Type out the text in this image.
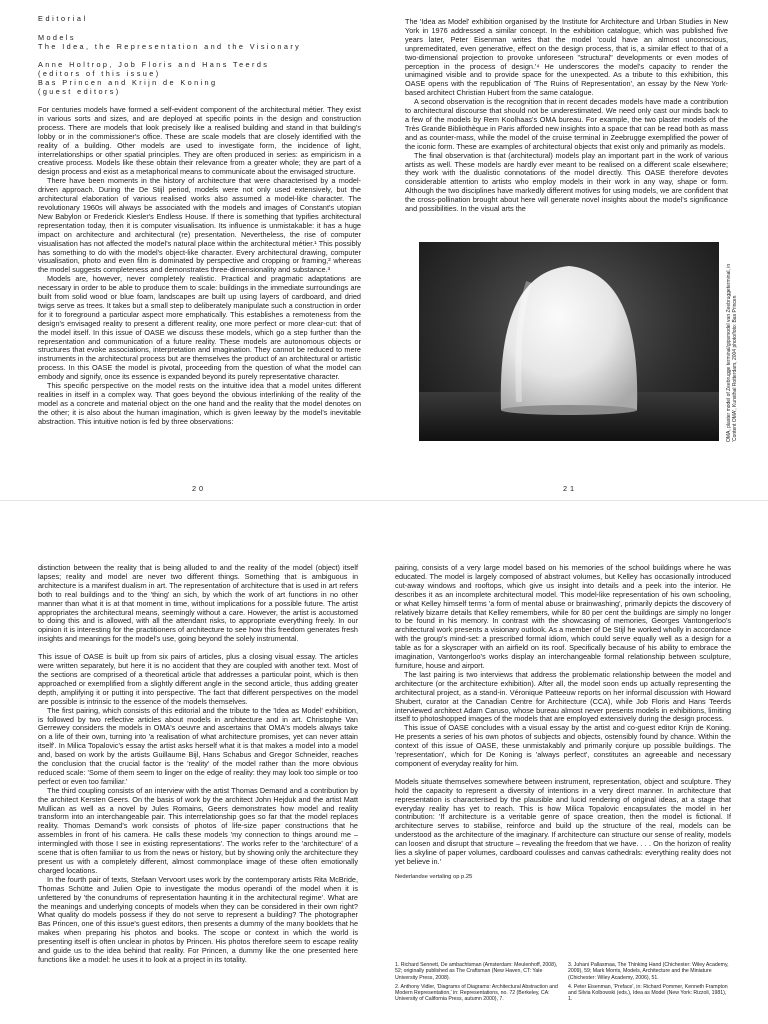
Editorial
Models
The Idea, the Representation and the Visionary
Anne Holtrop, Job Floris and Hans Teerds
(editors of this issue)
Bas Princen and Krijn de Koning
(guest editors)
For centuries models have formed a self-evident component of the architectural métier. They exist in various sorts and sizes, and are deployed at specific points in the design and construction process. There are models that look precisely like a realised building and stand in that building's lobby or in the commissioner's office. These are scale models that are closely identified with the reality of a building. Other models are used to investigate form, the incidence of light, interrelationships or other spatial principles. They are often produced in series: as empiricism in a creative process. Models like these obtain their relevance from a greater whole; they are part of a design process and exist as a metaphorical means to communicate about the envisaged structure.
There have been moments in the history of architecture that were characterised by a model-driven approach. During the De Stijl period, models were not only used extensively, but the architectural elaboration of various realised works also assumed a model-like character. The revolutionary 1960s will always be associated with the models and images of Constant's utopian New Babylon or Frederick Kiesler's Endless House. If there is something that typifies architectural representation today, then it is computer visualisation. Its influence is unmistakable: it has a huge impact on architecture and architectural (re) presentation. Nevertheless, the rise of computer visualisation has not affected the model's natural place within the architectural métier.¹ This possibly has something to do with the model's object-like character. Every architectural drawing, computer visualisation, photo and even film is dominated by perspective and cropping or framing,² whereas the model suggests completeness and demonstrates three-dimensionality and substance.³
Models are, however, never completely realistic. Practical and pragmatic adaptations are necessary in order to be able to produce them to scale: buildings in the immediate surroundings are built from solid wood or blue foam, landscapes are built up using layers of cardboard, and dried twigs serve as trees. It takes but a small step to deliberately manipulate such a construction in order for it to foreground a particular aspect more emphatically. This establishes a remoteness from the design's envisaged reality to present a different reality, one more perfect or more clear-cut: that of the model itself. In this issue of OASE we discuss these models, which go a step further than the representation and communication of a future reality. These models are autonomous objects or structures that evoke associations, interpretation and imagination. They cannot be reduced to mere instruments in the architectural process but are themselves the product of an architectural or artistic process. In this OASE the model is pivotal, proceeding from the question of what the model can embody and signify, once its essence is expanded beyond its purely representative character.
This specific perspective on the model rests on the intuitive idea that a model unites different realities in itself in a complex way. That goes beyond the obvious interlinking of the reality of the model as a concrete and material object on the one hand and the reality that the model denotes on the other; it is also about the human imagination, which is given leeway by the model's inevitable abstraction. This intuitive notion is fed by three observations:
20
The 'Idea as Model' exhibition organised by the Institute for Architecture and Urban Studies in New York in 1976 addressed a similar concept. In the exhibition catalogue, which was published five years later, Peter Eisenman writes that the model 'could have an almost unconscious, unpremeditated, even generative, effect on the design process, that is, a similar effect to that of a two-dimensional projection to provoke unforeseen "structural" developments or even modes of perception in the process of design.'⁴ He underscores the model's capacity to render the unimagined visible and to provide space for the unexpected. As a tribute to this exhibition, this OASE opens with the republication of 'The Ruins of Representation', an essay by the New York-based architect Christian Hubert from the same catalogue.
A second observation is the recognition that in recent decades models have made a contribution to architectural discourse that should not be underestimated. We need only cast our minds back to a few of the models by Rem Koolhaas's OMA bureau. For example, the two plaster models of the Très Grande Bibliothèque in Paris afforded new insights into a space that can be read both as mass and as counter-mass, while the model of the cruise terminal in Zeebrugge exemplified the power of the iconic form. These are examples of architectural objects that exist only and primarily as models.
The final observation is that (architectural) models play an important part in the work of various artists as well. These models are hardly ever meant to be realised on a different scale elsewhere; they work with the dualistic connotations of the model directly. This OASE therefore devotes considerable attention to artists who employ models in their work in any way, shape or form. Although the two disciplines have markedly different motives for using models, we are confident that the cross-pollination brought about here will generate novel insights about the model's significance and possibilities. In the visual arts the
OMA, plaster model of Zeebrugge terminal/gipsmodel van Zeebruggeterminal, in 'Content OMA', Kunsthal Rotterdam, 2004 photo/foto: Bas Princen
21
distinction between the reality that is being alluded to and the reality of the model (object) itself lapses; reality and model are never two different things. Something that is ambiguous in architecture is a manifest dualism in art. The representation of architecture that is used in art refers both to real buildings and to the 'thing' an sich, by which the work of art functions in no other manner than what it is at that moment in time, without implications for a possible future. The artist appropriates the architectural means, seemingly without a care. However, the artist is accustomed to doing this and is allowed, with all the attendant risks, to appropriate everything freely. In our opinion it is interesting for the practitioners of architecture to see how this freedom generates fresh insights and meanings for the model's use, going beyond the solely instrumental.
This issue of OASE is built up from six pairs of articles, plus a closing visual essay. The articles were written separately, but here it is no accident that they are coupled with another text. Most of the sections are comprised of a theoretical article that addresses a particular point, which is then approached or exemplified from a slightly different angle in the second article, thus adding greater depth, amplifying it or putting it into perspective. The fact that different perspectives on the model are possible is intrinsic to the essence of the models themselves.
The first pairing, which consists of this editorial and the tribute to the 'Idea as Model' exhibition, is followed by two reflective articles about models in architecture and in art. Christophe Van Gerrewey considers the models in OMA's oeuvre and ascertains that OMA's models always take on a life of their own, turning into 'a realisation of what architecture promises, yet can never attain itself'. In Milica Topalovic's essay the artist asks herself what it is that makes a model into a model and, based on work by the artists Guillaume Bijl, Hans Schabus and Gregor Schneider, reaches the conclusion that the crucial factor is the 'reality' of the model rather than the more obvious reduced scale: 'Some of them seem to linger on the edge of reality: they may look too simple or too perfect or even too familiar.'
The third coupling consists of an interview with the artist Thomas Demand and a contribution by the architect Kersten Geers. On the basis of work by the architect John Hejduk and the artist Matt Mullican as well as a novel by Jules Romains, Geers demonstrates how model and reality transform into an interchangeable pair. This interrelationship goes so far that the model replaces reality. Thomas Demand's work consists of photos of life-size paper constructions that he assembles in front of his camera. He calls these models 'my connection to things around me – intermingled with those I see in existing representations'. The works refer to the 'architecture' of a scene that is often familiar to us from the news or history, but by showing only the architecture they present us with a completely different, almost commonplace image of these often emotionally charged locations.
In the fourth pair of texts, Stefaan Vervoort uses work by the contemporary artists Rita McBride, Thomas Schütte and Julien Opie to investigate the modus operandi of the model when it is unfettered by 'the conundrums of representation haunting it in the architectural regime'. What are the meanings and underlying concepts of models when they can be considered in their own right? What quality do models possess if they do not serve to represent a building? The photographer Bas Princen, one of this issue's guest editors, then presents a dummy of the many booklets that he makes when preparing his photos and books. The scope or context in which the world is presenting itself is often unclear in photos by Princen. His photos therefore seem to escape reality and guide us to the idea behind that reality. For Princen, a dummy like the one presented here functions like a model: he uses it to look at a project in its totality.
pairing, consists of a very large model based on his memories of the school buildings where he was educated. The model is largely composed of abstract volumes, but Kelley has occasionally introduced cut-away windows and rooftops, which give us insight into details and a peek into the interior. He describes it as an incomplete architectural model. This model-like representation of his own schooling, or what Kelley himself terms 'a form of mental abuse or brainwashing', primarily depicts the discovery of relatively bizarre details that Kelley remembers, while for 80 per cent the buildings are simply no longer to be found in his memory. In contrast with the showcasing of memories, Georges Vantongerloo's architectural work presents a visionary outlook. As a member of De Stijl he worked wholly in accordance with the group's mind-set: a prescribed formal idiom, which could serve equally well as a design for a table as for a skyscraper with an airfield on its roof. Specifically because of his ability to embrace the imagination, Vantongerloo's works display an interchangeable formal relationship between sculpture, furniture, house and airport.
The last pairing is two interviews that address the problematic relationship between the model and architecture (or the architecture exhibition). After all, the model soon ends up actually representing the architectural project, as a stand-in. Véronique Patteeuw reports on her informal discussion with Howard Shubert, curator at the Canadian Centre for Architecture (CCA), while Job Floris and Hans Teerds interviewed architect Adam Caruso, whose bureau almost never presents models in exhibitions, limiting itself to photoshopped images of the models that are employed extensively during the design process.
This issue of OASE concludes with a visual essay by the artist and co-guest editor Krijn de Koning. He presents a series of his own photos of subjects and objects, ostensibly found by chance. Within the context of this issue of OASE, these unmistakably and primarily conjure up possible buildings. The 'representation', which for De Koning is 'always perfect', constitutes an agreeable and necessary component of everyday reality for him.
Models situate themselves somewhere between instrument, representation, object and sculpture. They hold the capacity to represent a diversity of intentions in a very direct manner. In architecture that representation is characterised by the plausible and lucid rendering of original ideas, at a stage that everyday reality has yet to reach. This is how Milica Topalovic encapsulates the model in her contribution: 'If architecture is a veritable genre of space creation, then the model is fictional. If architecture serves to stabilise, reinforce and build up the structure of the real, models can be understood as the architecture of the imaginary. If architecture can structure our sense of reality, models can loosen and disrupt that structure – revealing the freedom that we have. . . . On the horizon of reality lies a skyline of paper volumes, cardboard coulisses and canvas cathedrals: everything reality does not yet believe in.'
Nederlandse vertaling op p.25
1. Richard Sennett, De ambachtsman (Amsterdam: Meulenhoff, 2008), 52; originally published as The Craftsman (New Haven, CT: Yale University Press, 2008).
2. Anthony Vidler, 'Diagrams of Diagrams: Architectural Abstraction and Modern Representation,' in: Representations, no. 72 (Berkeley, CA: University of California Press, autumn 2000), 7.
3. Juhani Pallasmaa, The Thinking Hand (Chichester: Wiley Academy, 2009), 59; Mark Morris, Models, Architecture and the Miniature (Chichester: Wiley Academy, 2006), 51.
4. Peter Eisenman, 'Preface', in: Richard Pommer, Kenneth Frampton and Silvia Kolbowski (eds.), Idea as Model (New York: Rizzoli, 1981), 1.
